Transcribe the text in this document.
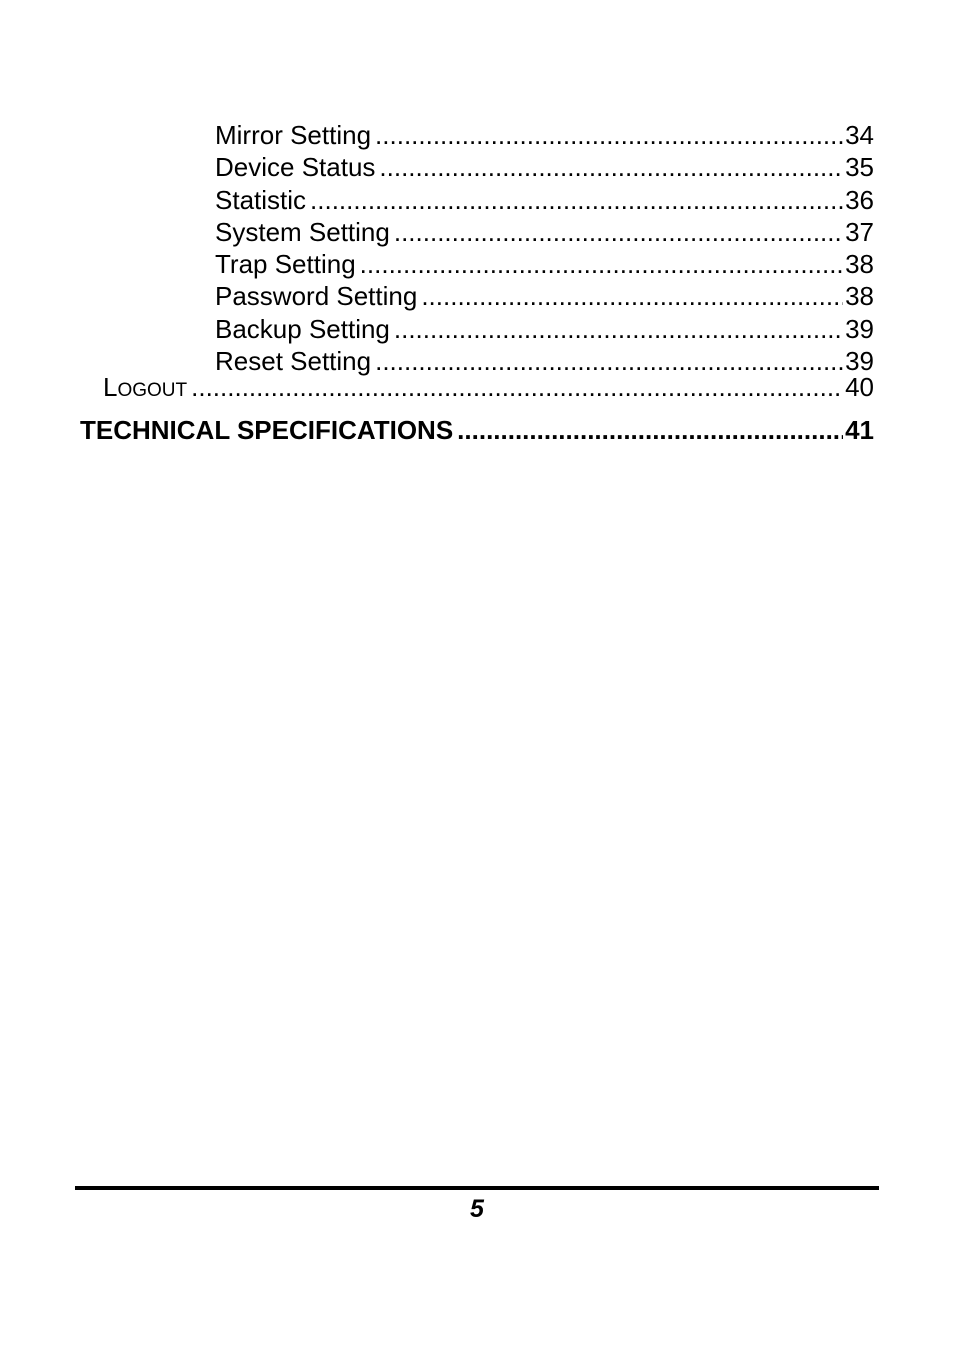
Mirror Setting .....	34
Device Status .....	35
Statistic .....	36
System Setting .....	37
Trap Setting .....	38
Password Setting .....	38
Backup Setting .....	39
Reset Setting .....	39
LOGOUT .....	40
TECHNICAL SPECIFICATIONS .....	41
5
